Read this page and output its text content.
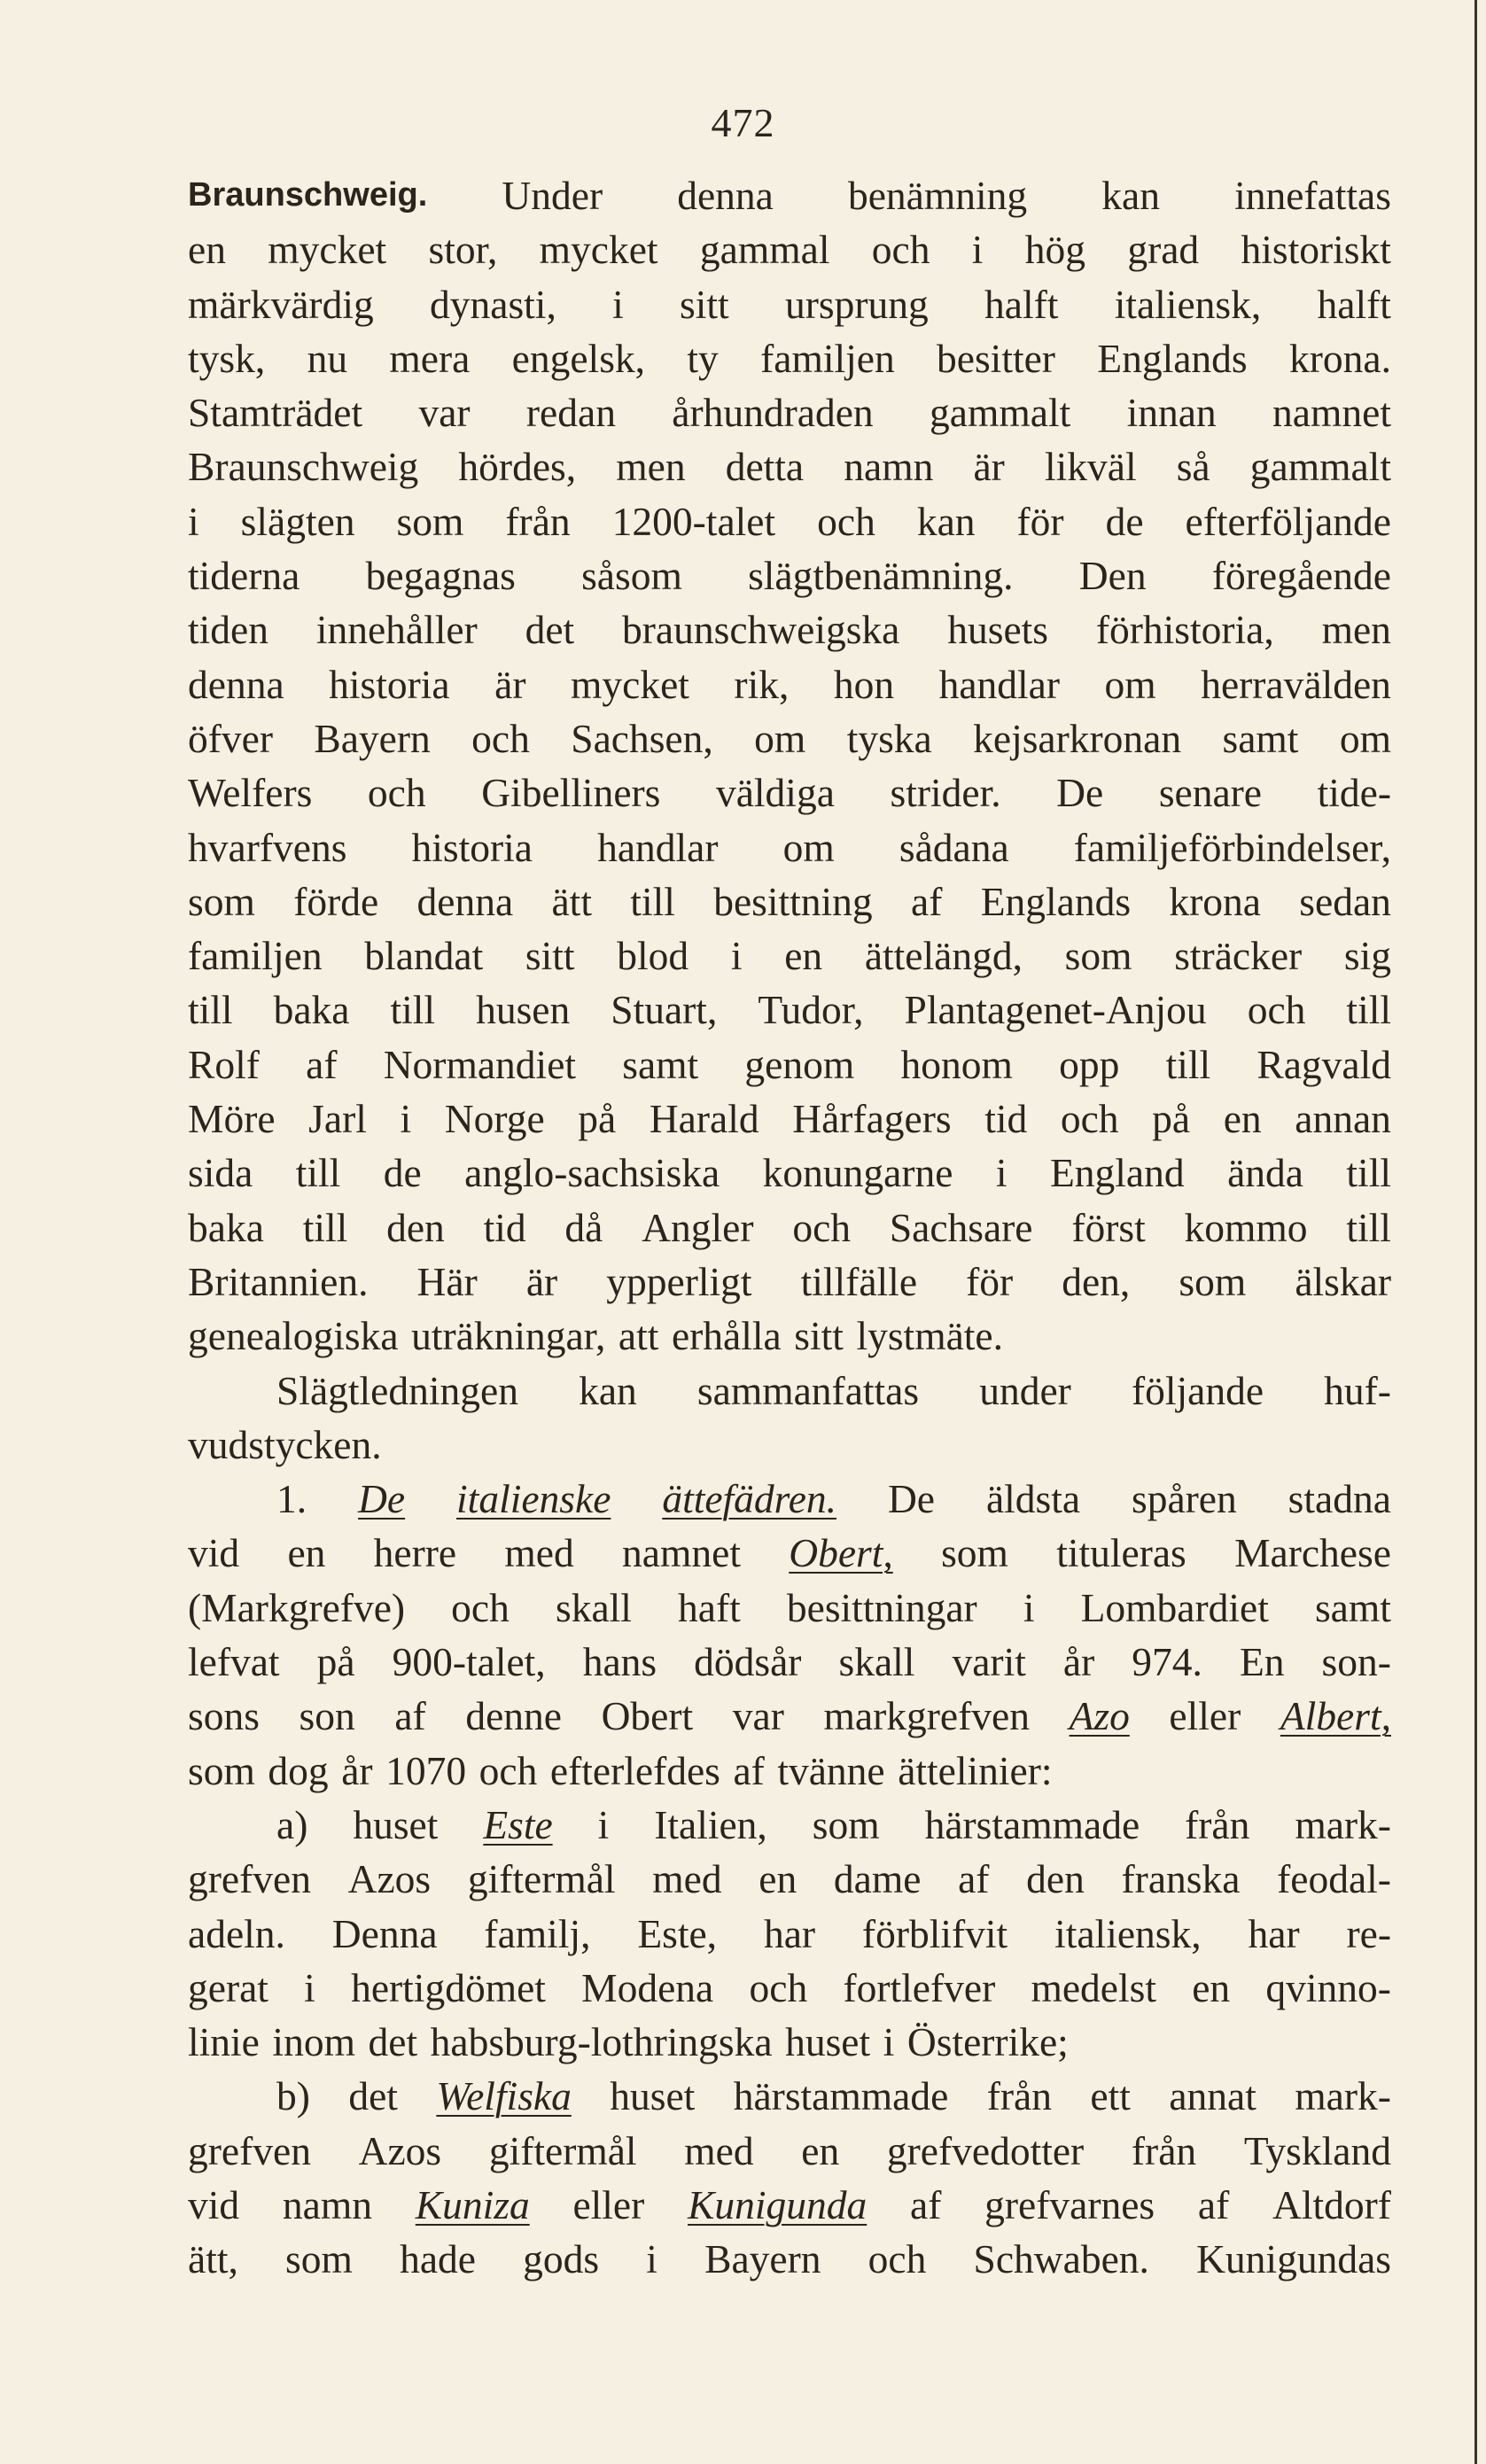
472
Braunschweig. Under denna benämning kan innefattas
en mycket stor, mycket gammal och i hög grad historiskt
märkvärdig dynasti, i sitt ursprung halft italiensk, halft
tysk, nu mera engelsk, ty familjen besitter Englands krona.
Stamträdet var redan århundraden gammalt innan namnet
Braunschweig hördes, men detta namn är likväl så gammalt
i slägten som från 1200-talet och kan för de efterföljande
tiderna begagnas såsom slägtbenämning. Den föregående
tiden innehåller det braunschweigska husets förhistoria, men
denna historia är mycket rik, hon handlar om herravälden
öfver Bayern och Sachsen, om tyska kejsarkronan samt om
Welfers och Gibelliners väldiga strider. De senare tide-
hvarfvens historia handlar om sådana familjeförbindelser,
som förde denna ätt till besittning af Englands krona sedan
familjen blandat sitt blod i en ättelängd, som sträcker sig
till baka till husen Stuart, Tudor, Plantagenet-Anjou och till
Rolf af Normandiet samt genom honom opp till Ragvald
Möre Jarl i Norge på Harald Hårfagers tid och på en annan
sida till de anglo-sachsiska konungarne i England ända till
baka till den tid då Angler och Sachsare först kommo till
Britannien. Här är ypperligt tillfälle för den, som älskar
genealogiska uträkningar, att erhålla sitt lystmäte.
Slägtledningen kan sammanfattas under följande huf-
vudstycken.
1. De italienske ättefädren. De äldsta spåren stadna
vid en herre med namnet Obert, som tituleras Marchese
(Markgrefve) och skall haft besittningar i Lombardiet samt
lefvat på 900-talet, hans dödsår skall varit år 974. En son-
sons son af denne Obert var markgrefven Azo eller Albert,
som dog år 1070 och efterlefdes af tvänne ättelinier:
a) huset Este i Italien, som härstammade från mark-
grefven Azos giftermål med en dame af den franska feodal-
adeln. Denna familj, Este, har förblifvit italiensk, har re-
gerat i hertigdömet Modena och fortlefver medelst en qvinno-
linie inom det habsburg-lothringska huset i Österrike;
b) det Welfiska huset härstammade från ett annat mark-
grefven Azos giftermål med en grefvedotter från Tyskland
vid namn Kuniza eller Kunigunda af grefvarnes af Altdorf
ätt, som hade gods i Bayern och Schwaben. Kunigundas
